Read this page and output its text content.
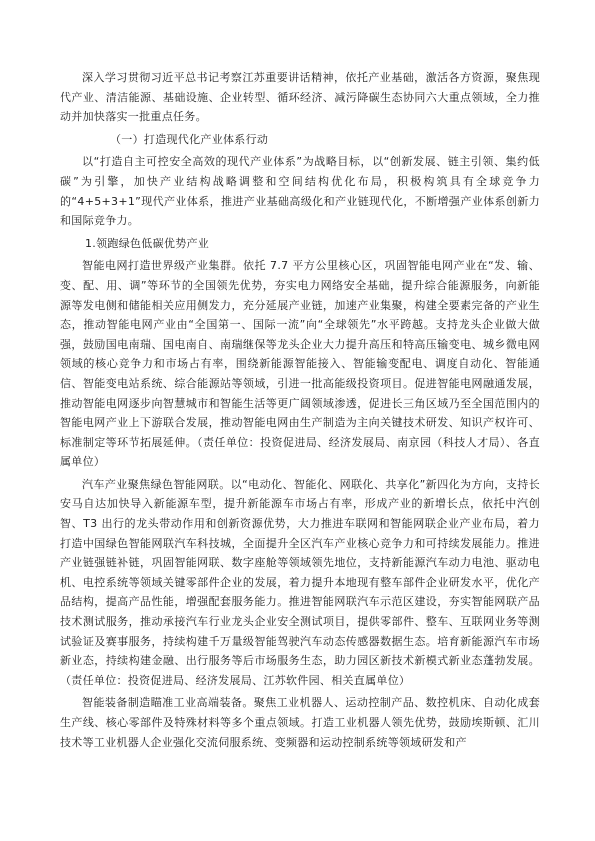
深入学习贯彻习近平总书记考察江苏重要讲话精神，依托产业基础，激活各方资源，聚焦现代产业、清洁能源、基础设施、企业转型、循环经济、减污降碳生态协同六大重点领域，全力推动并加快落实一批重点任务。

（一）打造现代化产业体系行动

以“打造自主可控安全高效的现代产业体系”为战略目标，以“创新发展、链主引领、集约低碳”为引擎，加快产业结构战略调整和空间结构优化布局，积极构筑具有全球竞争力的“4+5+3+1”现代产业体系，推进产业基础高级化和产业链现代化，不断增强产业体系创新力和国际竞争力。

1.领跑绿色低碳优势产业

智能电网打造世界级产业集群。依托 7.7 平方公里核心区，巩固智能电网产业在“发、输、变、配、用、调”等环节的全国领先优势，夯实电力网络安全基础，提升综合能源服务，向新能源等发电侧和储能相关应用侧发力，充分延展产业链，加速产业集聚，构建全要素完备的产业生态，推动智能电网产业由“全国第一、国际一流”向“全球领先”水平跨越。支持龙头企业做大做强，鼓励国电南瑞、国电南自、南瑞继保等龙头企业大力提升高压和特高压输变电、城乡微电网领域的核心竞争力和市场占有率，围绕新能源智能接入、智能输变配电、调度自动化、智能通信、智能变电站系统、综合能源站等领域，引进一批高能级投资项目。促进智能电网融通发展，推动智能电网逐步向智慧城市和智能生活等更广阔领域渗透，促进长三角区域乃至全国范围内的智能电网产业上下游联合发展，推动智能电网由生产制造为主向关键技术研发、知识产权许可、标准制定等环节拓展延伸。（责任单位：投资促进局、经济发展局、南京园（科技人才局）、各直属单位）

汽车产业聚焦绿色智能网联。以“电动化、智能化、网联化、共享化”新四化为方向，支持长安马自达加快导入新能源车型，提升新能源车市场占有率，形成产业的新增长点，依托中汽创智、T3 出行的龙头带动作用和创新资源优势，大力推进车联网和智能网联企业产业布局，着力打造中国绿色智能网联汽车科技城，全面提升全区汽车产业核心竞争力和可持续发展能力。推进产业链强链补链，巩固智能网联、数字座舱等领域领先地位，支持新能源汽车动力电池、驱动电机、电控系统等领域关键零部件企业的发展，着力提升本地现有整车部件企业研发水平，优化产品结构，提高产品性能，增强配套服务能力。推进智能网联汽车示范区建设，夯实智能网联产品技术测试服务，推动承接汽车行业龙头企业安全测试项目，提供零部件、整车、互联网业务等测试验证及赛事服务，持续构建千万量级智能驾驶汽车动态传感器数据生态。培育新能源汽车市场新业态，持续构建金融、出行服务等后市场服务生态，助力园区新技术新模式新业态蓬勃发展。（责任单位：投资促进局、经济发展局、江苏软件园、相关直属单位）

智能装备制造瞄准工业高端装备。聚焦工业机器人、运动控制产品、数控机床、自动化成套生产线、核心零部件及特殊材料等多个重点领域。打造工业机器人领先优势，鼓励埃斯顿、汇川技术等工业机器人企业强化交流伺服系统、变频器和运动控制系统等领域研发和产
